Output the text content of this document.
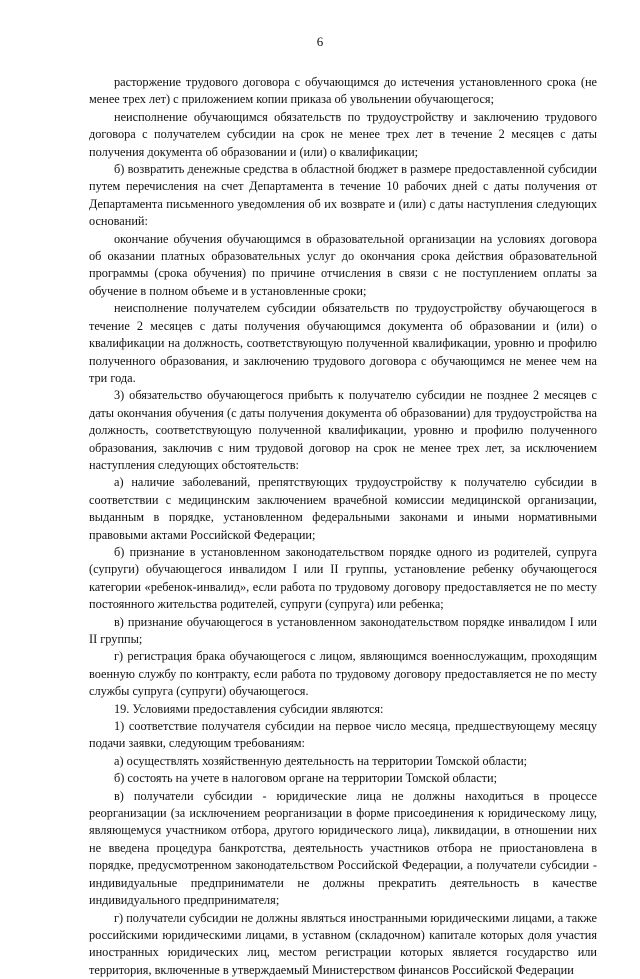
6

расторжение трудового договора с обучающимся до истечения установленного срока (не менее трех лет) с приложением копии приказа об увольнении обучающегося;

неисполнение обучающимся обязательств по трудоустройству и заключению трудового договора с получателем субсидии на срок не менее трех лет в течение 2 месяцев с даты получения документа об образовании и (или) о квалификации;

б) возвратить денежные средства в областной бюджет в размере предоставленной субсидии путем перечисления на счет Департамента в течение 10 рабочих дней с даты получения от Департамента письменного уведомления об их возврате и (или) с даты наступления следующих оснований:

окончание обучения обучающимся в образовательной организации на условиях договора об оказании платных образовательных услуг до окончания срока действия образовательной программы (срока обучения) по причине отчисления в связи с не поступлением оплаты за обучение в полном объеме и в установленные сроки;

неисполнение получателем субсидии обязательств по трудоустройству обучающегося в течение 2 месяцев с даты получения обучающимся документа об образовании и (или) о квалификации на должность, соответствующую полученной квалификации, уровню и профилю полученного образования, и заключению трудового договора с обучающимся не менее чем на три года.

3) обязательство обучающегося прибыть к получателю субсидии не позднее 2 месяцев с даты окончания обучения (с даты получения документа об образовании) для трудоустройства на должность, соответствующую полученной квалификации, уровню и профилю полученного образования, заключив с ним трудовой договор на срок не менее трех лет, за исключением наступления следующих обстоятельств:

а) наличие заболеваний, препятствующих трудоустройству к получателю субсидии в соответствии с медицинским заключением врачебной комиссии медицинской организации, выданным в порядке, установленном федеральными законами и иными нормативными правовыми актами Российской Федерации;

б) признание в установленном законодательством порядке одного из родителей, супруга (супруги) обучающегося инвалидом I или II группы, установление ребенку обучающегося категории «ребенок-инвалид», если работа по трудовому договору предоставляется не по месту постоянного жительства родителей, супруги (супруга) или ребенка;

в) признание обучающегося в установленном законодательством порядке инвалидом I или II группы;

г) регистрация брака обучающегося с лицом, являющимся военнослужащим, проходящим военную службу по контракту, если работа по трудовому договору предоставляется не по месту службы супруга (супруги) обучающегося.

19. Условиями предоставления субсидии являются:

1) соответствие получателя субсидии на первое число месяца, предшествующему месяцу подачи заявки, следующим требованиям:

а) осуществлять хозяйственную деятельность на территории Томской области;

б) состоять на учете в налоговом органе на территории Томской области;

в) получатели субсидии - юридические лица не должны находиться в процессе реорганизации (за исключением реорганизации в форме присоединения к юридическому лицу, являющемуся участником отбора, другого юридического лица), ликвидации, в отношении них не введена процедура банкротства, деятельность участников отбора не приостановлена в порядке, предусмотренном законодательством Российской Федерации, а получатели субсидии - индивидуальные предприниматели не должны прекратить деятельность в качестве индивидуального предпринимателя;

г) получатели субсидии не должны являться иностранными юридическими лицами, а также российскими юридическими лицами, в уставном (складочном) капитале которых доля участия иностранных юридических лиц, местом регистрации которых является государство или территория, включенные в утверждаемый Министерством финансов Российской Федерации
